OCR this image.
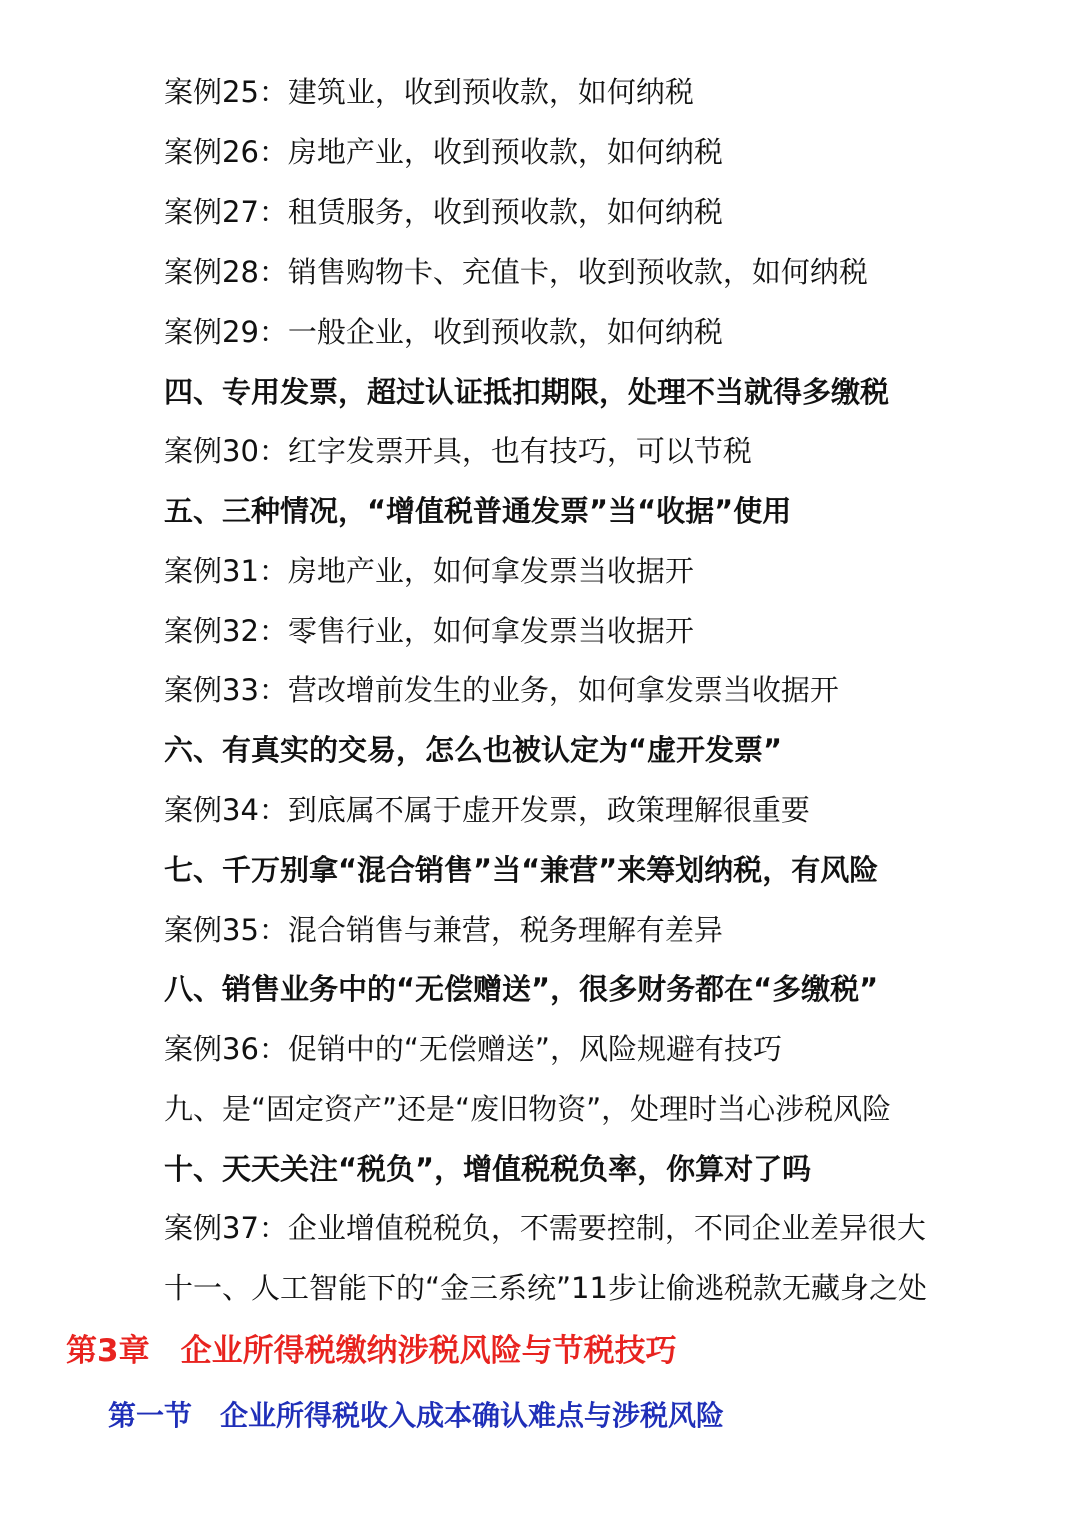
案例25：建筑业，收到预收款，如何纳税
案例26：房地产业，收到预收款，如何纳税
案例27：租赁服务，收到预收款，如何纳税
案例28：销售购物卡、充值卡，收到预收款，如何纳税
案例29：一般企业，收到预收款，如何纳税
四、专用发票，超过认证抵扣期限，处理不当就得多缴税
案例30：红字发票开具，也有技巧，可以节税
五、三种情况，“增值税普通发票”当“收据”使用
案例31：房地产业，如何拿发票当收据开
案例32：零售行业，如何拿发票当收据开
案例33：营改增前发生的业务，如何拿发票当收据开
六、有真实的交易，怎么也被认定为“虚开发票”
案例34：到底属不属于虚开发票，政策理解很重要
七、千万别拿“混合销售”当“兼营”来筹划纳税，有风险
案例35：混合销售与兼营，税务理解有差异
八、销售业务中的“无偿赠送”，很多财务都在“多缴税”
案例36：促销中的“无偿赠送”，风险规避有技巧
九、是“固定资产”还是“废旧物资”，处理时当心涉税风险
十、天天关注“税负”，增值税税负率，你算对了吗
案例37：企业增值税税负，不需要控制，不同企业差异很大
十一、人工智能下的“金三系统”11步让偷逃税款无藏身之处
第3章　企业所得税缴纳涉税风险与节税技巧
第一节　企业所得税收入成本确认难点与涉税风险
